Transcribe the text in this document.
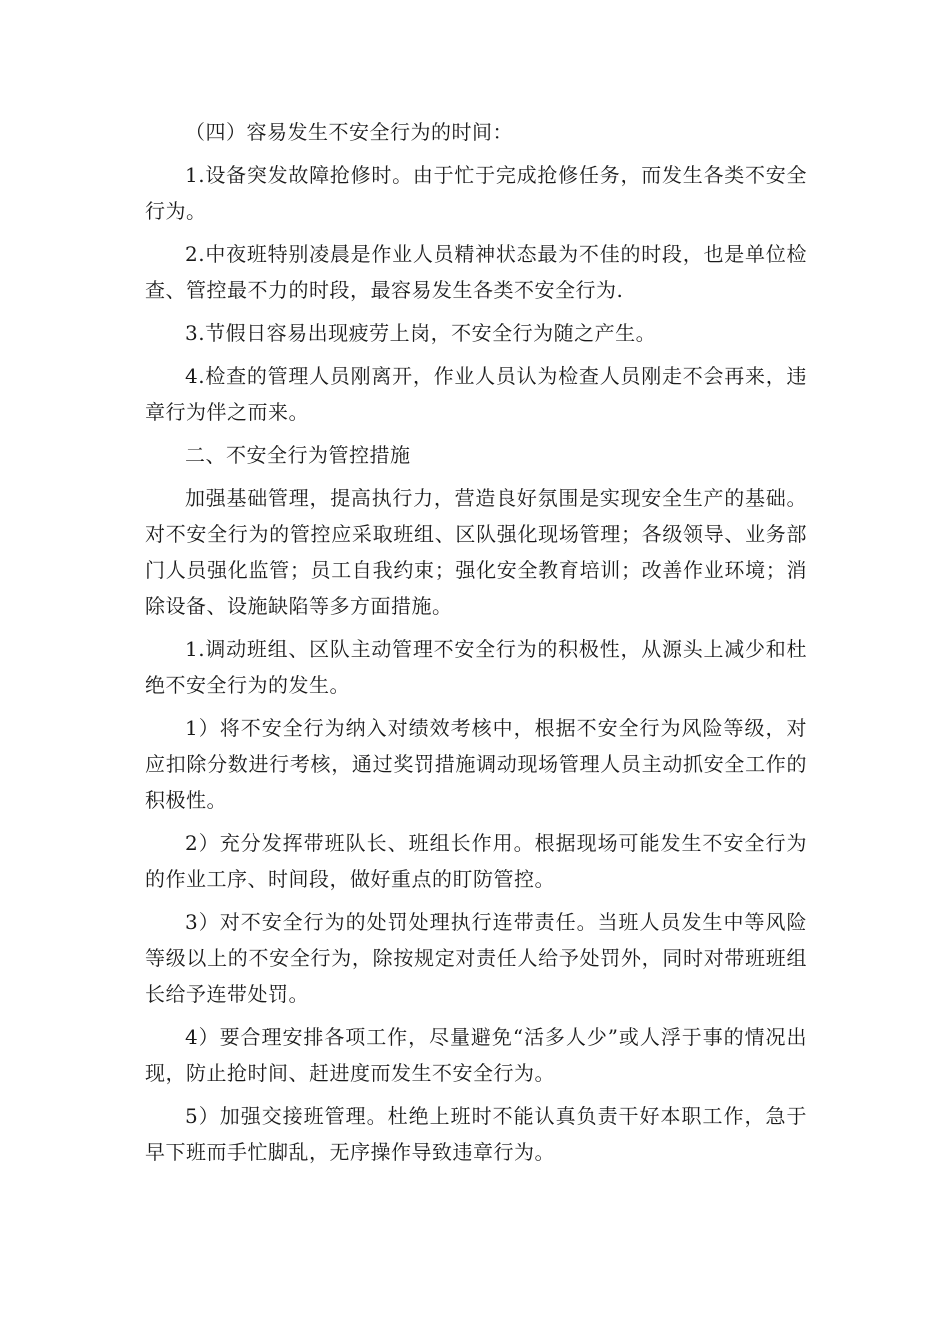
（四）容易发生不安全行为的时间：

1.设备突发故障抢修时。由于忙于完成抢修任务，而发生各类不安全行为。

2.中夜班特别凌晨是作业人员精神状态最为不佳的时段，也是单位检查、管控最不力的时段，最容易发生各类不安全行为.

3.节假日容易出现疲劳上岗，不安全行为随之产生。

4.检查的管理人员刚离开，作业人员认为检查人员刚走不会再来，违章行为伴之而来。

二、不安全行为管控措施

加强基础管理，提高执行力，营造良好氛围是实现安全生产的基础。对不安全行为的管控应采取班组、区队强化现场管理；各级领导、业务部门人员强化监管；员工自我约束；强化安全教育培训；改善作业环境；消除设备、设施缺陷等多方面措施。

1.调动班组、区队主动管理不安全行为的积极性，从源头上减少和杜绝不安全行为的发生。

1）将不安全行为纳入对绩效考核中，根据不安全行为风险等级，对应扣除分数进行考核，通过奖罚措施调动现场管理人员主动抓安全工作的积极性。

2）充分发挥带班队长、班组长作用。根据现场可能发生不安全行为的作业工序、时间段，做好重点的盯防管控。

3）对不安全行为的处罚处理执行连带责任。当班人员发生中等风险等级以上的不安全行为，除按规定对责任人给予处罚外，同时对带班班组长给予连带处罚。

4）要合理安排各项工作，尽量避免“活多人少”或人浮于事的情况出现，防止抢时间、赶进度而发生不安全行为。

5）加强交接班管理。杜绝上班时不能认真负责干好本职工作，急于早下班而手忙脚乱，无序操作导致违章行为。
